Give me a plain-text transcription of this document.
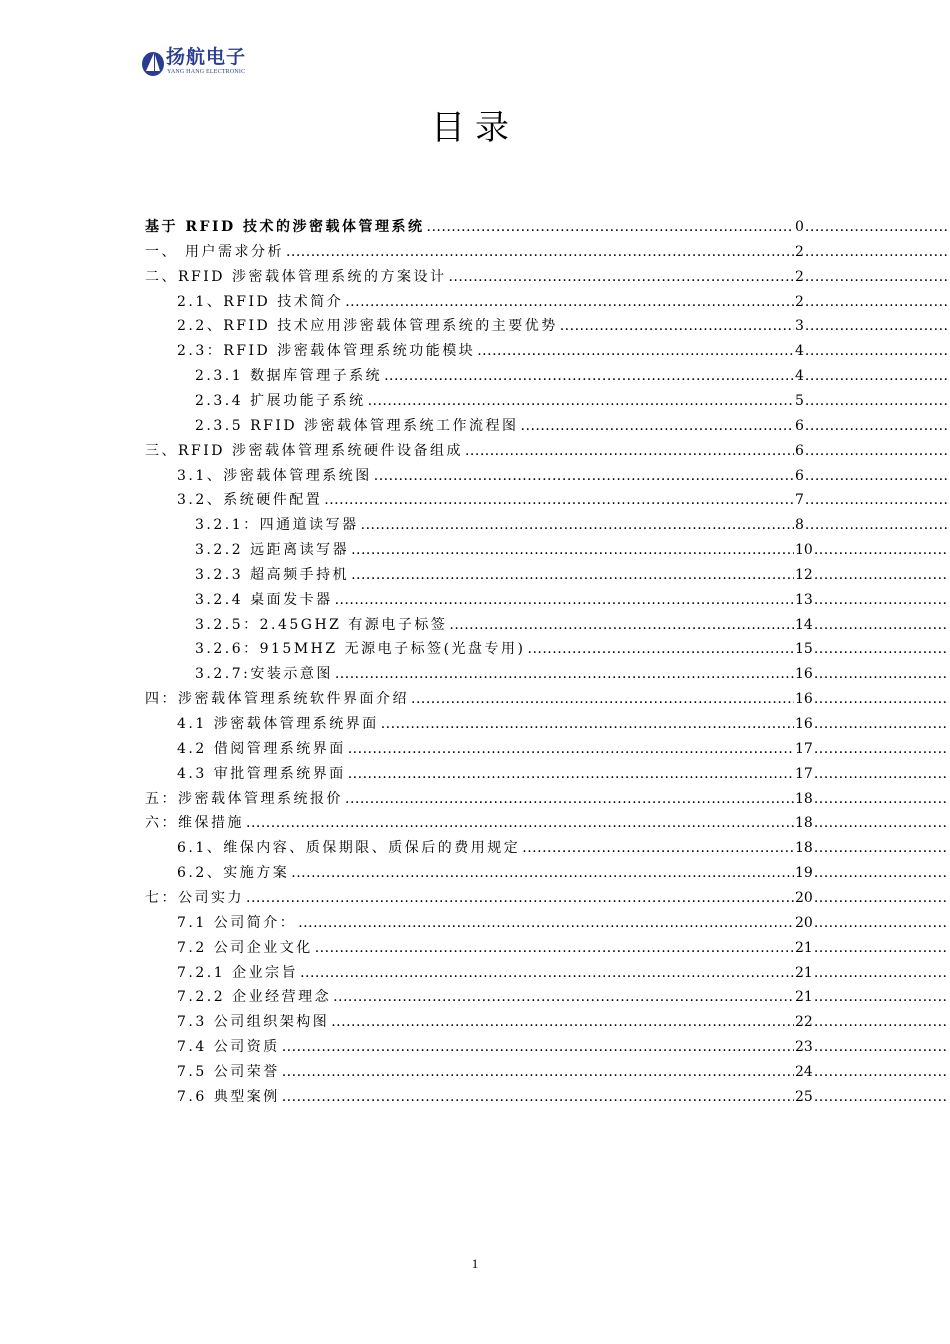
扬航电子
YANG HANG ELECTRONIC
目录
基于 RFID 技术的涉密载体管理系统 .....	0
.....
一、 用户需求分析 .....	2
.....
二、RFID 涉密载体管理系统的方案设计 .....	2
.....
2.1、RFID 技术简介 .....	2
.....
2.2、RFID 技术应用涉密载体管理系统的主要优势 .....	3
.....
2.3：RFID 涉密载体管理系统功能模块 .....	4
.....
2.3.1 数据库管理子系统 .....	4
.....
2.3.4 扩展功能子系统 .....	5
.....
2.3.5 RFID 涉密载体管理系统工作流程图 .....	6
.....
三、RFID 涉密载体管理系统硬件设备组成 .....	6
.....
3.1、涉密载体管理系统图 .....	6
.....
3.2、系统硬件配置 .....	7
.....
3.2.1：四通道读写器 .....	8
.....
3.2.2 远距离读写器 .....	10
.....
3.2.3 超高频手持机 .....	12
.....
3.2.4 桌面发卡器 .....	13
.....
3.2.5：2.45GHZ 有源电子标签 .....	14
.....
3.2.6：915MHZ 无源电子标签(光盘专用) .....	15
.....
3.2.7:安装示意图 .....	16
.....
四：涉密载体管理系统软件界面介绍 .....	16
.....
4.1 涉密载体管理系统界面 .....	16
.....
4.2 借阅管理系统界面 .....	17
.....
4.3 审批管理系统界面 .....	17
.....
五：涉密载体管理系统报价 .....	18
.....
六：维保措施 .....	18
.....
6.1、维保内容、质保期限、质保后的费用规定 .....	18
.....
6.2、实施方案 .....	19
.....
七：公司实力 .....	20
.....
7.1 公司简介： .....	20
.....
7.2 公司企业文化 .....	21
.....
7.2.1 企业宗旨 .....	21
.....
7.2.2 企业经营理念 .....	21
.....
7.3 公司组织架构图 .....	22
.....
7.4 公司资质 .....	23
.....
7.5 公司荣誉 .....	24
.....
7.6 典型案例 .....	25
.....
1
